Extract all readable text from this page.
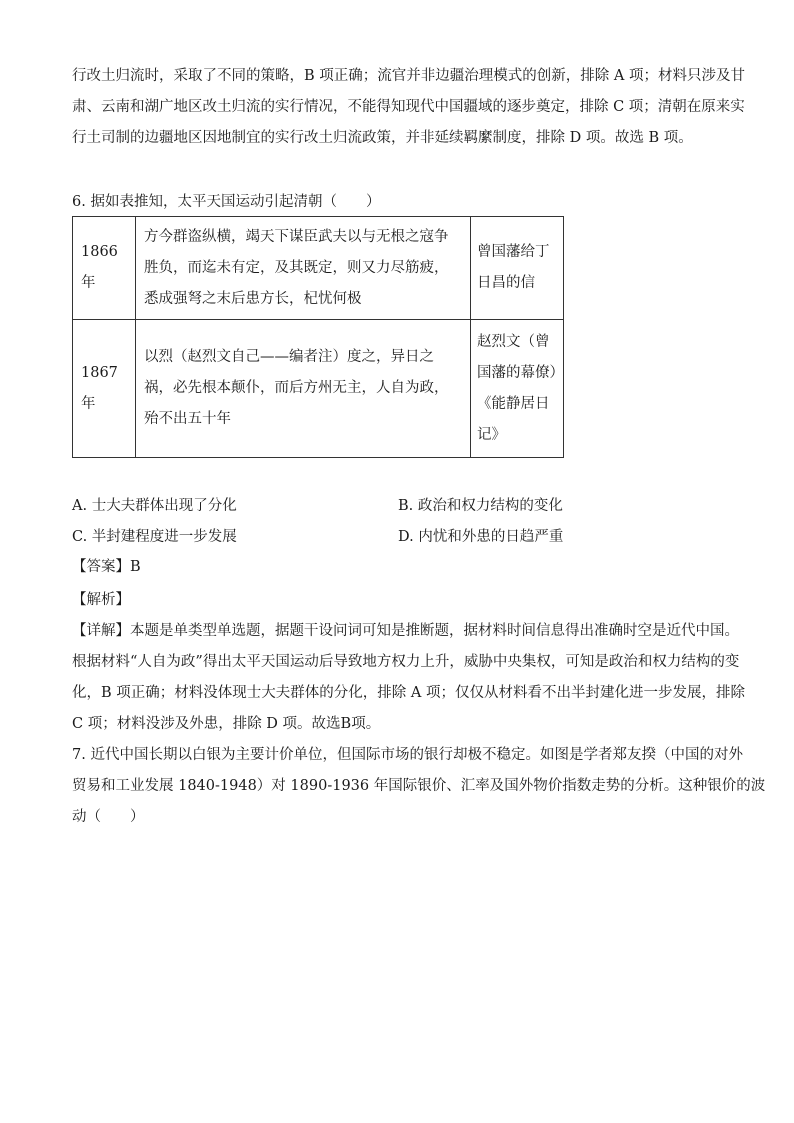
行改土归流时，采取了不同的策略，B 项正确；流官并非边疆治理模式的创新，排除 A 项；材料只涉及甘
肃、云南和湖广地区改土归流的实行情况，不能得知现代中国疆域的逐步奠定，排除 C 项；清朝在原来实
行土司制的边疆地区因地制宜的实行改土归流政策，并非延续羁縻制度，排除 D 项。故选 B 项。
6. 据如表推知，太平天国运动引起清朝（　　）
1866 年	方今群盗纵横，竭天下谋臣武夫以与无根之寇争胜负，而迄未有定，及其既定，则又力尽筋疲，悉成强弩之末后患方长，杞忧何极	曾国藩给丁日昌的信
1867 年	以烈（赵烈文自己——编者注）度之，异日之祸，必先根本颠仆，而后方州无主，人自为政，殆不出五十年	赵烈文（曾国藩的幕僚）《能静居日记》
A. 士大夫群体出现了分化	B. 政治和权力结构的变化
C. 半封建程度进一步发展	D. 内忧和外患的日趋严重
【答案】B
【解析】
【详解】本题是单类型单选题，据题干设问词可知是推断题，据材料时间信息得出准确时空是近代中国。
根据材料“人自为政”得出太平天国运动后导致地方权力上升，威胁中央集权，可知是政治和权力结构的变
化，B 项正确；材料没体现士大夫群体的分化，排除 A 项；仅仅从材料看不出半封建化进一步发展，排除
C 项；材料没涉及外患，排除 D 项。故选B项。
7. 近代中国长期以白银为主要计价单位，但国际市场的银行却极不稳定。如图是学者郑友揆（中国的对外
贸易和工业发展 1840-1948）对 1890-1936 年国际银价、汇率及国外物价指数走势的分析。这种银价的波
动（　　）
